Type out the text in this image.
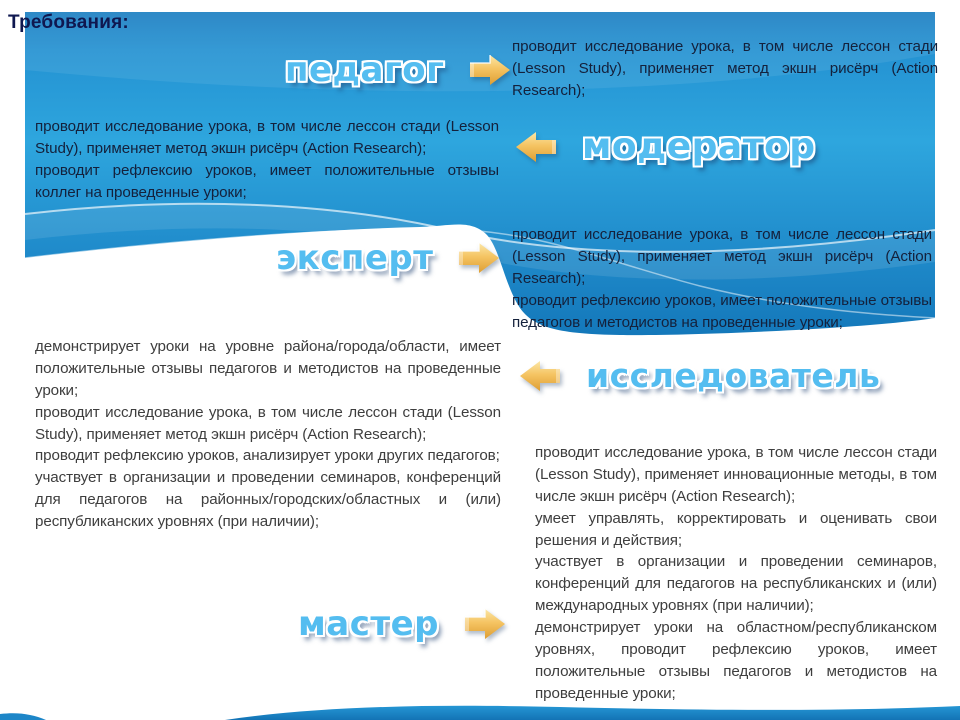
Требования:
педагог
модератор
эксперт
исследователь
мастер

проводит исследование урока, в том числе лессон стади (Lesson Study), применяет метод экшн рисёрч (Action Research);

проводит исследование урока, в том числе лессон стади (Lesson Study), применяет метод экшн рисёрч (Action Research);

проводит рефлексию уроков, имеет положительные отзывы коллег на проведенные уроки;

проводит исследование урока, в том числе лессон стади (Lesson Study), применяет метод экшн рисёрч (Action Research);

проводит рефлексию уроков, имеет положительные отзывы педагогов и методистов на проведенные уроки;

демонстрирует уроки на уровне района/города/области, имеет положительные отзывы педагогов и методистов на проведенные уроки;

проводит исследование урока, в том числе лессон стади (Lesson Study), применяет метод экшн рисёрч (Action Research);

проводит рефлексию уроков, анализирует уроки других педагогов;

участвует в организации и проведении семинаров, конференций для педагогов на районных/городских/областных и (или) республиканских уровнях (при наличии);

проводит исследование урока, в том числе лессон стади (Lesson Study), применяет инновационные методы, в том числе экшн рисёрч (Action Research);

умеет управлять, корректировать и оценивать свои решения и действия;

участвует в организации и проведении семинаров, конференций для педагогов на республиканских и (или) международных уровнях (при наличии);

демонстрирует уроки на областном/республиканском уровнях, проводит рефлексию уроков, имеет положительные отзывы педагогов и методистов на проведенные уроки;
